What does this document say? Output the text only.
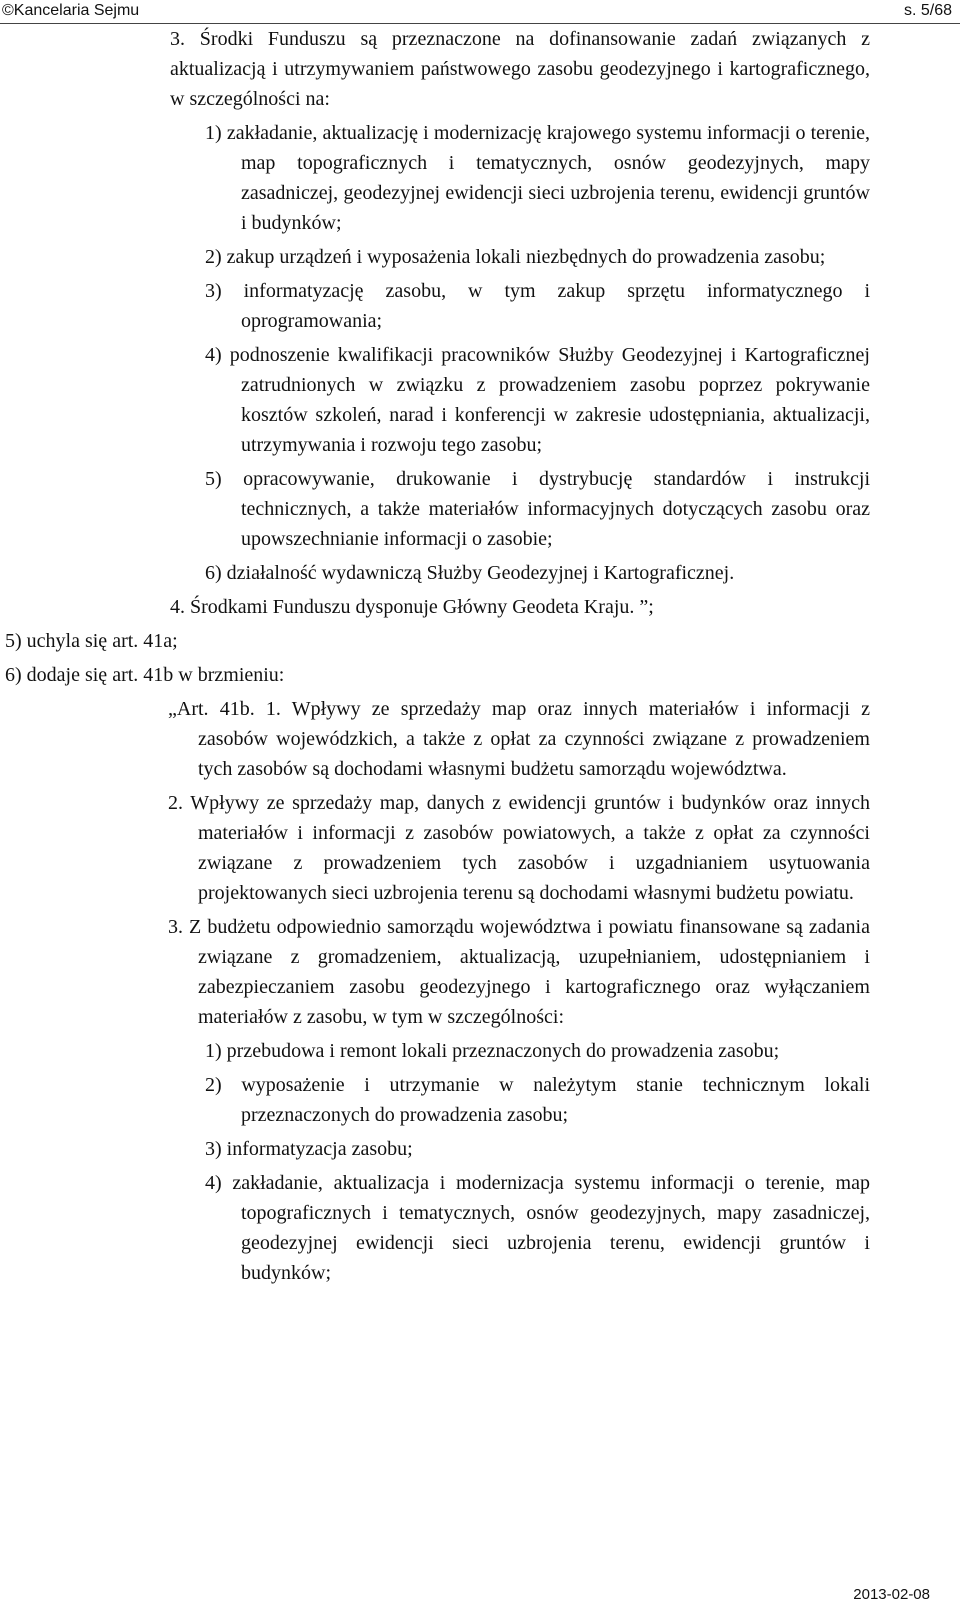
©Kancelaria Sejmu	s. 5/68
3. Środki Funduszu są przeznaczone na dofinansowanie zadań związanych z aktualizacją i utrzymywaniem państwowego zasobu geodezyjnego i kartograficznego, w szczególności na:
1) zakładanie, aktualizację i modernizację krajowego systemu informacji o terenie, map topograficznych i tematycznych, osnów geodezyjnych, mapy zasadniczej, geodezyjnej ewidencji sieci uzbrojenia terenu, ewidencji gruntów i budynków;
2) zakup urządzeń i wyposażenia lokali niezbędnych do prowadzenia zasobu;
3) informatyzację zasobu, w tym zakup sprzętu informatycznego i oprogramowania;
4) podnoszenie kwalifikacji pracowników Służby Geodezyjnej i Kartograficznej zatrudnionych w związku z prowadzeniem zasobu poprzez pokrywanie kosztów szkoleń, narad i konferencji w zakresie udostępniania, aktualizacji, utrzymywania i rozwoju tego zasobu;
5) opracowywanie, drukowanie i dystrybucję standardów i instrukcji technicznych, a także materiałów informacyjnych dotyczących zasobu oraz upowszechnianie informacji o zasobie;
6) działalność wydawniczą Służby Geodezyjnej i Kartograficznej.
4. Środkami Funduszu dysponuje Główny Geodeta Kraju. ”;
5) uchyla się art. 41a;
6) dodaje się art. 41b w brzmieniu:
„Art. 41b. 1. Wpływy ze sprzedaży map oraz innych materiałów i informacji z zasobów wojewódzkich, a także z opłat za czynności związane z prowadzeniem tych zasobów są dochodami własnymi budżetu samorządu województwa.
2. Wpływy ze sprzedaży map, danych z ewidencji gruntów i budynków oraz innych materiałów i informacji z zasobów powiatowych, a także z opłat za czynności związane z prowadzeniem tych zasobów i uzgadnianiem usytuowania projektowanych sieci uzbrojenia terenu są dochodami własnymi budżetu powiatu.
3. Z budżetu odpowiednio samorządu województwa i powiatu finansowane są zadania związane z gromadzeniem, aktualizacją, uzupełnianiem, udostępnianiem i zabezpieczaniem zasobu geodezyjnego i kartograficznego oraz wyłączaniem materiałów z zasobu, w tym w szczególności:
1) przebudowa i remont lokali przeznaczonych do prowadzenia zasobu;
2) wyposażenie i utrzymanie w należytym stanie technicznym lokali przeznaczonych do prowadzenia zasobu;
3) informatyzacja zasobu;
4) zakładanie, aktualizacja i modernizacja systemu informacji o terenie, map topograficznych i tematycznych, osnów geodezyjnych, mapy zasadniczej, geodezyjnej ewidencji sieci uzbrojenia terenu, ewidencji gruntów i budynków;
2013-02-08
